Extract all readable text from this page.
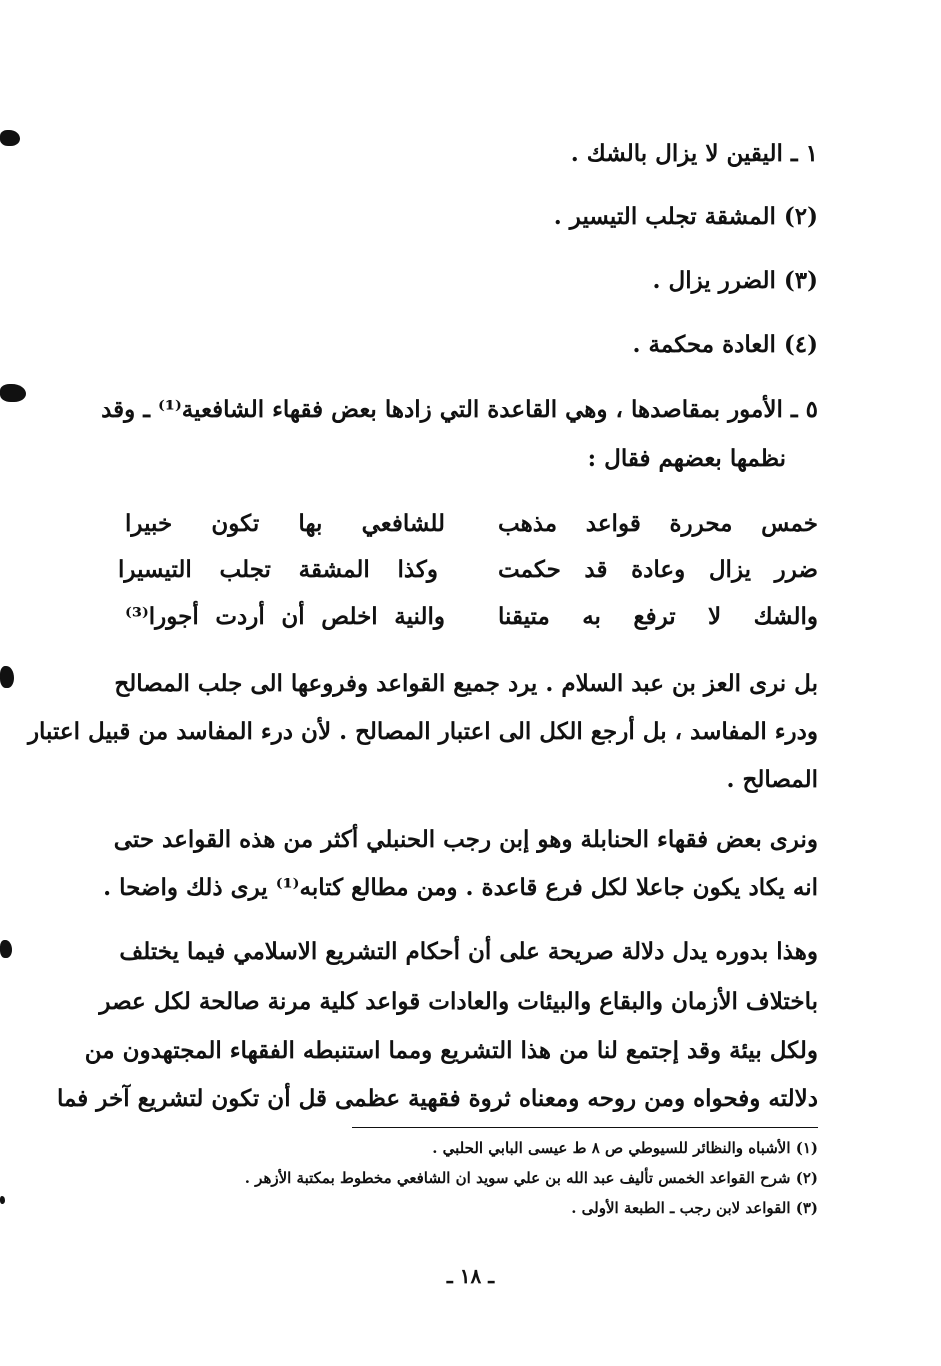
١ ـ اليقين لا يزال بالشك .
(٢) المشقة تجلب التيسير .
(٣) الضرر يزال .
(٤) العادة محكمة .
٥ ـ الأمور بمقاصدها ، وهي القاعدة التي زادها بعض فقهاء الشافعية⁽¹⁾ ـ وقد
نظمها بعضهم فقال :
خمس محررة قواعد مذهب
للشافعي بها تكون خبيرا
ضرر يزال وعادة قد حكمت
وكذا المشقة تجلب التيسيرا
والشك لا ترفع به متيقنا
والنية اخلص أن أردت أجورا⁽³⁾
بل نرى العز بن عبد السلام . يرد جميع القواعد وفروعها الى جلب المصالح
ودرء المفاسد ، بل أرجع الكل الى اعتبار المصالح . لأن درء المفاسد من قبيل اعتبار
المصالح .
ونرى بعض فقهاء الحنابلة وهو إبن رجب الحنبلي أكثر من هذه القواعد حتى
انه يكاد يكون جاعلا لكل فرع قاعدة . ومن مطالع كتابه⁽¹⁾ يرى ذلك واضحا .
وهذا بدوره يدل دلالة صريحة على أن أحكام التشريع الاسلامي فيما يختلف
باختلاف الأزمان والبقاع والبيئات والعادات قواعد كلية مرنة صالحة لكل عصر
ولكل بيئة وقد إجتمع لنا من هذا التشريع ومما استنبطه الفقهاء المجتهدون من
دلالته وفحواه ومن روحه ومعناه ثروة فقهية عظمى قل أن تكون لتشريع آخر فما
(١) الأشباه والنظائر للسيوطي ص ٨ ط عيسى البابي الحلبي .
(٢) شرح القواعد الخمس تأليف عبد الله بن علي سويد ان الشافعي مخطوط بمكتبة الأزهر .
(٣) القواعد لابن رجب ـ الطبعة الأولى .
ـ ١٨ ـ
